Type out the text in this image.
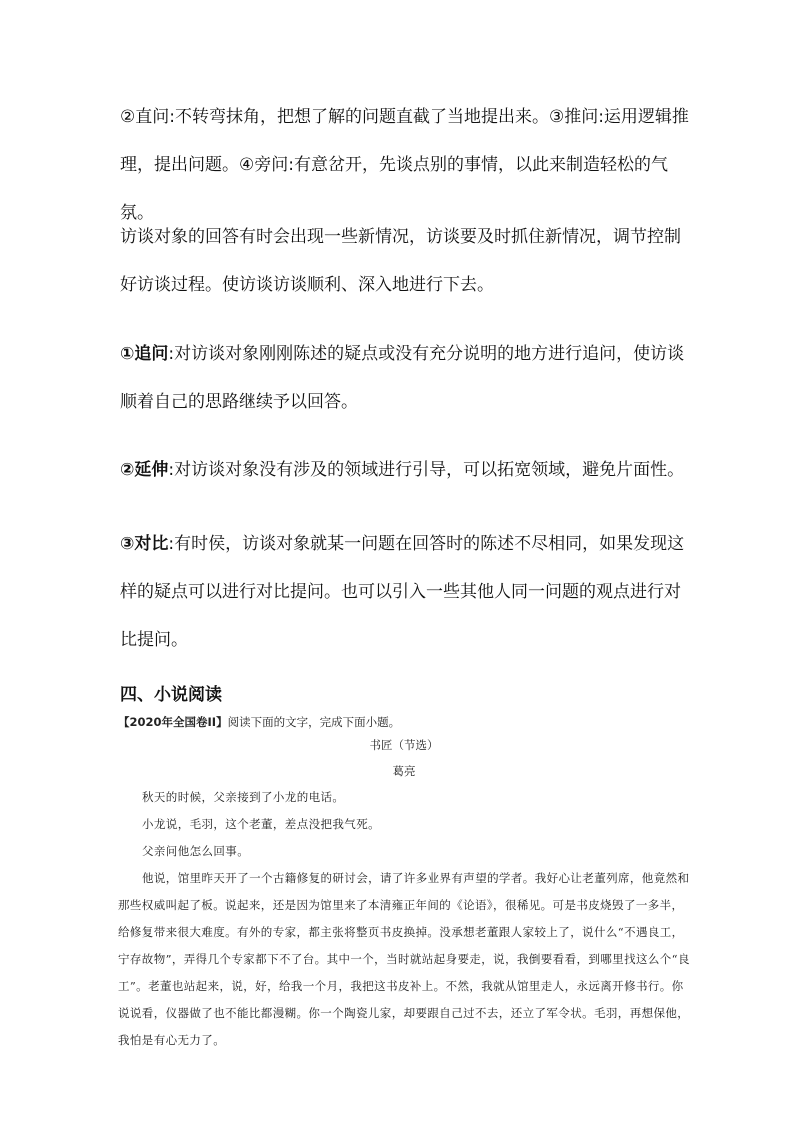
②直问:不转弯抹角，把想了解的问题直截了当地提出来。③推问:运用逻辑推理，提出问题。④旁问:有意岔开，先谈点别的事情，以此来制造轻松的气氛。

访谈对象的回答有时会出现一些新情况，访谈要及时抓住新情况，调节控制好访谈过程。使访谈访谈顺利、深入地进行下去。

①追问:对访谈对象刚刚陈述的疑点或没有充分说明的地方进行追问，使访谈顺着自己的思路继续予以回答。

②延伸:对访谈对象没有涉及的领域进行引导，可以拓宽领域，避免片面性。

③对比:有时侯，访谈对象就某一问题在回答时的陈述不尽相同，如果发现这样的疑点可以进行对比提问。也可以引入一些其他人同一问题的观点进行对比提问。

四、小说阅读

【2020年全国卷II】阅读下面的文字，完成下面小题。

书匠（节选）

葛亮

秋天的时候，父亲接到了小龙的电话。

小龙说，毛羽，这个老董，差点没把我气死。

父亲问他怎么回事。

他说，馆里昨天开了一个古籍修复的研讨会，请了许多业界有声望的学者。我好心让老董列席，他竟然和那些权威叫起了板。说起来，还是因为馆里来了本清雍正年间的《论语》，很稀见。可是书皮烧毁了一多半，给修复带来很大难度。有外的专家，都主张将整页书皮换掉。没承想老董跟人家较上了，说什么“不遇良工，宁存故物”，弄得几个专家都下不了台。其中一个，当时就站起身要走，说，我倒要看看，到哪里找这么个“良工”。老董也站起来，说，好，给我一个月，我把这书皮补上。不然，我就从馆里走人，永远离开修书行。你说说看，仪器做了也不能比都漫糊。你一个陶瓷儿家，却要跟自己过不去，还立了军令状。毛羽，再想保他，我怕是有心无力了。
